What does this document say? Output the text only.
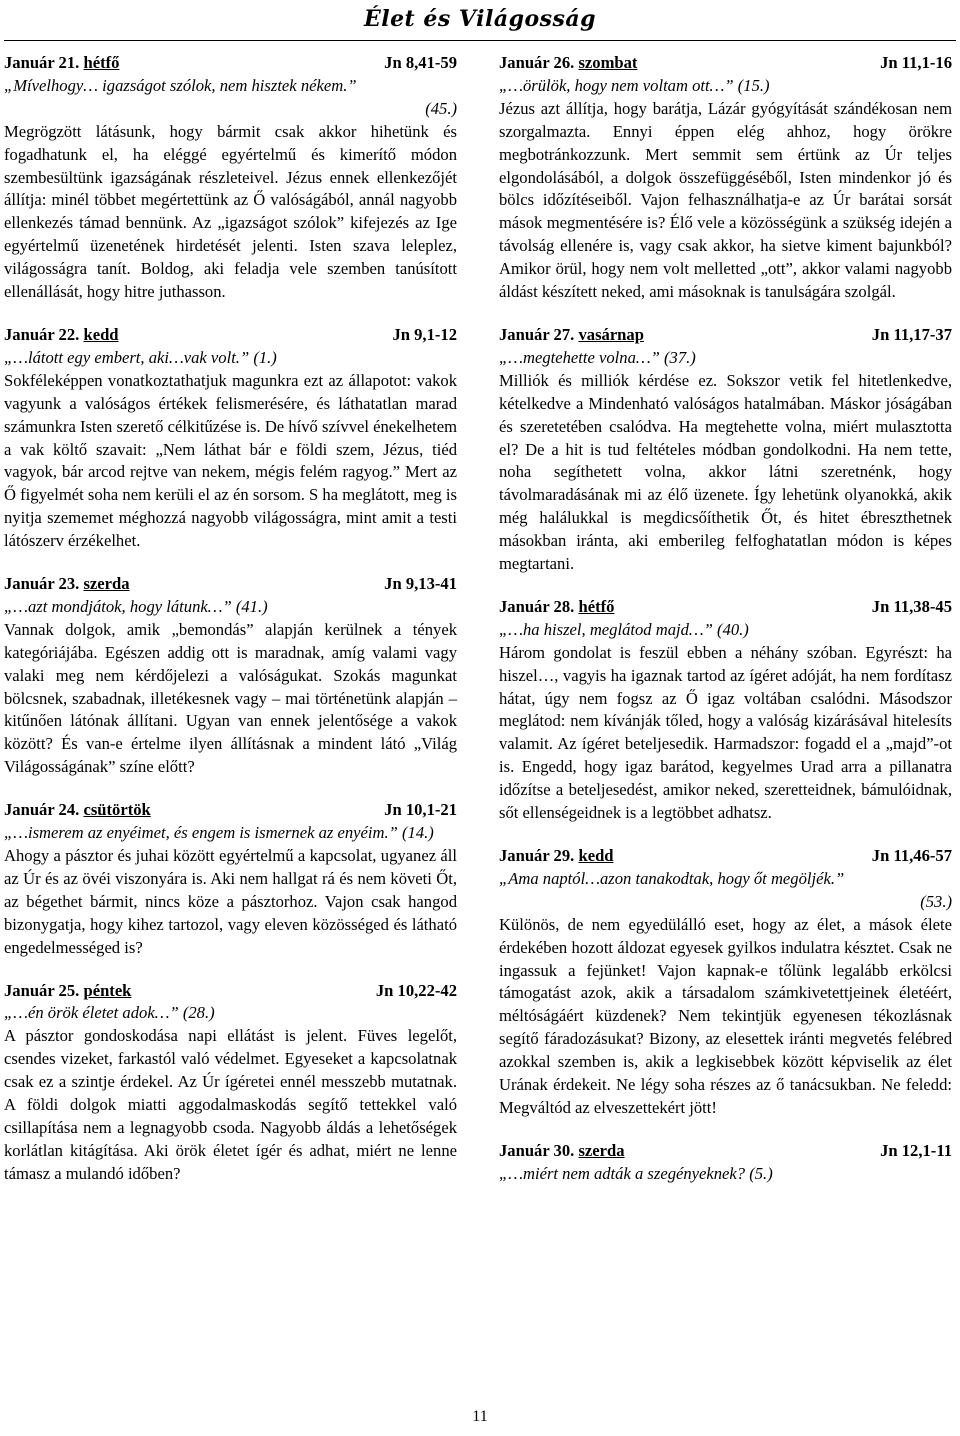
Élet és Világosság
Január 21. hétfő	Jn 8,41-59
„Mívelhogy… igazságot szólok, nem hisztek nékem.”
(45.)
Megrögzött látásunk, hogy bármit csak akkor hihetünk és fogadhatunk el, ha eléggé egyértelmű és kimerítő módon szembesültünk igazságának részleteivel. Jézus ennek ellenkezőjét állítja: minél többet megértettünk az Ő valóságából, annál nagyobb ellenkezés támad bennünk. Az „igazságot szólok” kifejezés az Ige egyértelmű üzenetének hirdetését jelenti. Isten szava leleplez, világosságra tanít. Boldog, aki feladja vele szemben tanúsított ellenállását, hogy hitre juthasson.
Január 22. kedd	Jn 9,1-12
„…látott egy embert, aki…vak volt.” (1.)
Sokféleképpen vonatkoztathatjuk magunkra ezt az állapotot: vakok vagyunk a valóságos értékek felismerésére, és láthatatlan marad számunkra Isten szerető célkitűzése is. De hívő szívvel énekelhetem a vak költő szavait: „Nem láthat bár e földi szem, Jézus, tiéd vagyok, bár arcod rejtve van nekem, mégis felém ragyog.” Mert az Ő figyelmét soha nem kerüli el az én sorsom. S ha meglátott, meg is nyitja szememet méghozzá nagyobb világosságra, mint amit a testi látószerv érzékelhet.
Január 23. szerda	Jn 9,13-41
„…azt mondjátok, hogy látunk…” (41.)
Vannak dolgok, amik „bemondás” alapján kerülnek a tények kategóriájába. Egészen addig ott is maradnak, amíg valami vagy valaki meg nem kérdőjelezi a valóságukat. Szokás magunkat bölcsnek, szabadnak, illetékesnek vagy – mai történetünk alapján – kitűnően látónak állítani. Ugyan van ennek jelentősége a vakok között? És van-e értelme ilyen állításnak a mindent látó „Világ Világosságának” színe előtt?
Január 24. csütörtök	Jn 10,1-21
„…ismerem az enyéimet, és engem is ismernek az enyéim.” (14.)
Ahogy a pásztor és juhai között egyértelmű a kapcsolat, ugyanez áll az Úr és az övéi viszonyára is. Aki nem hallgat rá és nem követi Őt, az bégethet bármit, nincs köze a pásztorhoz. Vajon csak hangod bizonygatja, hogy kihez tartozol, vagy eleven közösséged és látható engedelmességed is?
Január 25. péntek	Jn 10,22-42
„…én örök életet adok…” (28.)
A pásztor gondoskodása napi ellátást is jelent. Füves legelőt, csendes vizeket, farkastól való védelmet. Egyeseket a kapcsolatnak csak ez a szintje érdekel. Az Úr ígéretei ennél messzebb mutatnak. A földi dolgok miatti aggodalmaskodás segítő tettekkel való csillapítása nem a legnagyobb csoda. Nagyobb áldás a lehetőségek korlátlan kitágítása. Aki örök életet ígér és adhat, miért ne lenne támasz a mulandó időben?
Január 26. szombat	Jn 11,1-16
„…örülök, hogy nem voltam ott…” (15.)
Jézus azt állítja, hogy barátja, Lázár gyógyítását szándékosan nem szorgalmazta. Ennyi éppen elég ahhoz, hogy örökre megbotránkozzunk. Mert semmit sem értünk az Úr teljes elgondolásából, a dolgok összefüggéséből, Isten mindenkor jó és bölcs időzítéseiből. Vajon felhasználhatja-e az Úr barátai sorsát mások megmentésére is? Élő vele a közösségünk a szükség idején a távolság ellenére is, vagy csak akkor, ha sietve kiment bajunkból? Amikor örül, hogy nem volt melletted „ott”, akkor valami nagyobb áldást készített neked, ami másoknak is tanulságára szolgál.
Január 27. vasárnap	Jn 11,17-37
„…megtehette volna…” (37.)
Milliók és milliók kérdése ez. Sokszor vetik fel hitetlenkedve, kételkedve a Mindenható valóságos hatalmában. Máskor jóságában és szeretetében csalódva. Ha megtehette volna, miért mulasztotta el? De a hit is tud feltételes módban gondolkodni. Ha nem tette, noha segíthetett volna, akkor látni szeretnénk, hogy távolmaradásának mi az élő üzenete. Így lehetünk olyanokká, akik még halálukkal is megdicsőíthetik Őt, és hitet ébreszthetnek másokban iránta, aki emberileg felfoghatatlan módon is képes megtartani.
Január 28. hétfő	Jn 11,38-45
„…ha hiszel, meglátod majd…” (40.)
Három gondolat is feszül ebben a néhány szóban. Egyrészt: ha hiszel…, vagyis ha igaznak tartod az ígéret adóját, ha nem fordítasz hátat, úgy nem fogsz az Ő igaz voltában csalódni. Másodszor meglátod: nem kívánják tőled, hogy a valóság kizárásával hitelesíts valamit. Az ígéret beteljesedik. Harmadszor: fogadd el a „majd”-ot is. Engedd, hogy igaz barátod, kegyelmes Urad arra a pillanatra időzítse a beteljesedést, amikor neked, szeretteidnek, bámulóidnak, sőt ellenségeidnek is a legtöbbet adhatsz.
Január 29. kedd	Jn 11,46-57
„Ama naptól…azon tanakodtak, hogy őt megöljék.”
(53.)
Különös, de nem egyedülálló eset, hogy az élet, a mások élete érdekében hozott áldozat egyesek gyilkos indulatra késztet. Csak ne ingassuk a fejünket! Vajon kapnak-e tőlünk legalább erkölcsi támogatást azok, akik a társadalom számkivetettjeinek életéért, méltóságáért küzdenek? Nem tekintjük egyenesen tékozlásnak segítő fáradozásukat? Bizony, az elesettek iránti megvetés felébred azokkal szemben is, akik a legkisebbek között képviselik az élet Urának érdekeit. Ne légy soha részes az ő tanácsukban. Ne feledd: Megváltód az elveszettekért jött!
Január 30. szerda	Jn 12,1-11
„…miért nem adták a szegényeknek? (5.)
11
